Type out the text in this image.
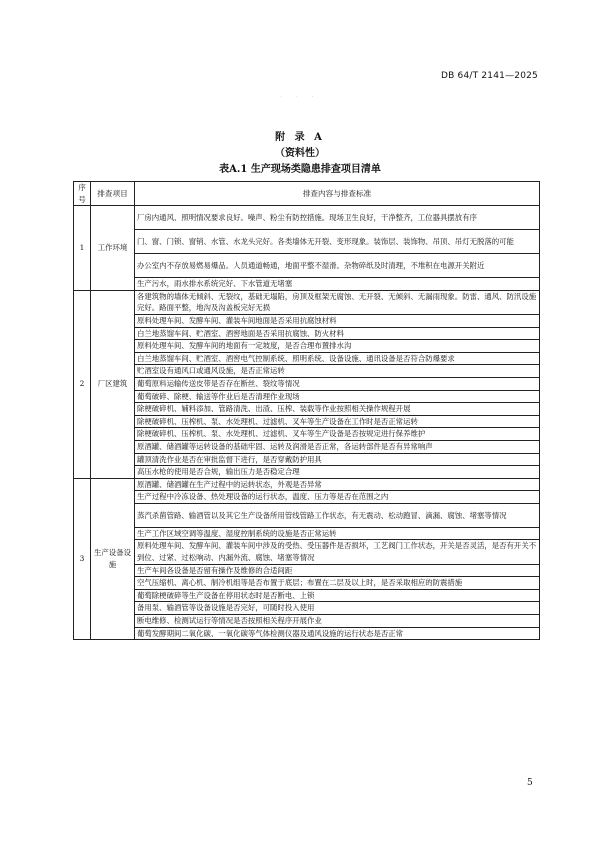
DB 64/T 2141—2025
· · ·
附 录 A
（资料性）
表A.1 生产现场类隐患排查项目清单
序号	排查项目	排查内容与排查标准
1	工作环境	厂房内通风、照明情况要求良好。噪声、粉尘有防控措施。现场卫生良好，干净整齐，工位器具摆放有序
		门、窗、门锁、窗销、水管、水龙头完好。各类墙体无开裂、变形现象。装饰层、装饰物、吊顶、吊灯无脱落的可能
		办公室内不存放易燃易爆品。人员通道畅通，地面平整不湿滑。杂物碎纸及时清理，不堆积在电源开关附近
		生产污水，雨水排水系统完好、下水管道无堵塞
2	厂区建筑	各建筑物的墙体无倾斜、无裂纹，基础无塌陷，房顶及框架无腐蚀、无开裂、无倾斜、无漏雨现象。防雷、通风、防汛设施完好。路面平整，地沟及沟盖板完好无损
		原料处理车间、发酵车间、灌装车间地面是否采用抗腐蚀材料
		白兰地蒸馏车间、贮酒室、酒窖地面是否采用抗腐蚀、防火材料
		原料处理车间、发酵车间的地面有一定坡度，是否合理布置排水沟
		白兰地蒸馏车间、贮酒室、酒窖电气控制系统、照明系统、设备设施、通讯设备是否符合防爆要求
		贮酒室设有通风口或通风设施，是否正常运转
		葡萄原料运输传送皮带是否存在断丝、裂纹等情况
		葡萄破碎、除梗、输送等作业后是否清理作业现场
		除梗破碎机、辅料添加、管路清洗、出渣、压榨、装载等作业按照相关操作规程开展
		除梗破碎机、压榨机、泵、水处理机、过滤机、叉车等生产设备在工作时是否正常运转
		除梗破碎机、压榨机、泵、水处理机、过滤机、叉车等生产设备是否按规定进行保养维护
		原酒罐、储酒罐等运转设备的基础牢固、运转及润滑是否正常，各运转部件是否有异常响声
		罐顶清洗作业是否在审批监督下进行，是否穿戴防护用具
		高压水枪的使用是否合规，输出压力是否稳定合理
3	生产设备设施	原酒罐、储酒罐在生产过程中的运转状态，外观是否异常
		生产过程中冷冻设备、热处理设备的运行状态，温度、压力等是否在范围之内
		蒸汽杀菌管路、输酒管以及其它生产设备所用管线管路工作状态，有无震动、松动跑冒、滴漏、腐蚀、堵塞等情况
		生产工作区域空调等温度、湿度控制系统的设施是否正常运转
		原料处理车间、发酵车间、灌装车间中涉及的受热、受压器件是否损坏，工艺阀门工作状态，开关是否灵活，是否有开关不到位、过紧、过松响动、内漏外流、腐蚀、堵塞等情况
		生产车间各设备是否留有操作及维修的合适间距
		空气压缩机、离心机、制冷机组等是否布置于底层；布置在二层及以上时，是否采取相应的防震措施
		葡萄除梗破碎等生产设备在停用状态时是否断电、上锁
		备用泵、输酒管等设备设施是否完好，可随时投入使用
		断电维修、检测试运行等情况是否按照相关程序开展作业
		葡萄发酵期间二氧化碳、一氧化碳等气体检测仪器及通风设施的运行状态是否正常
5
